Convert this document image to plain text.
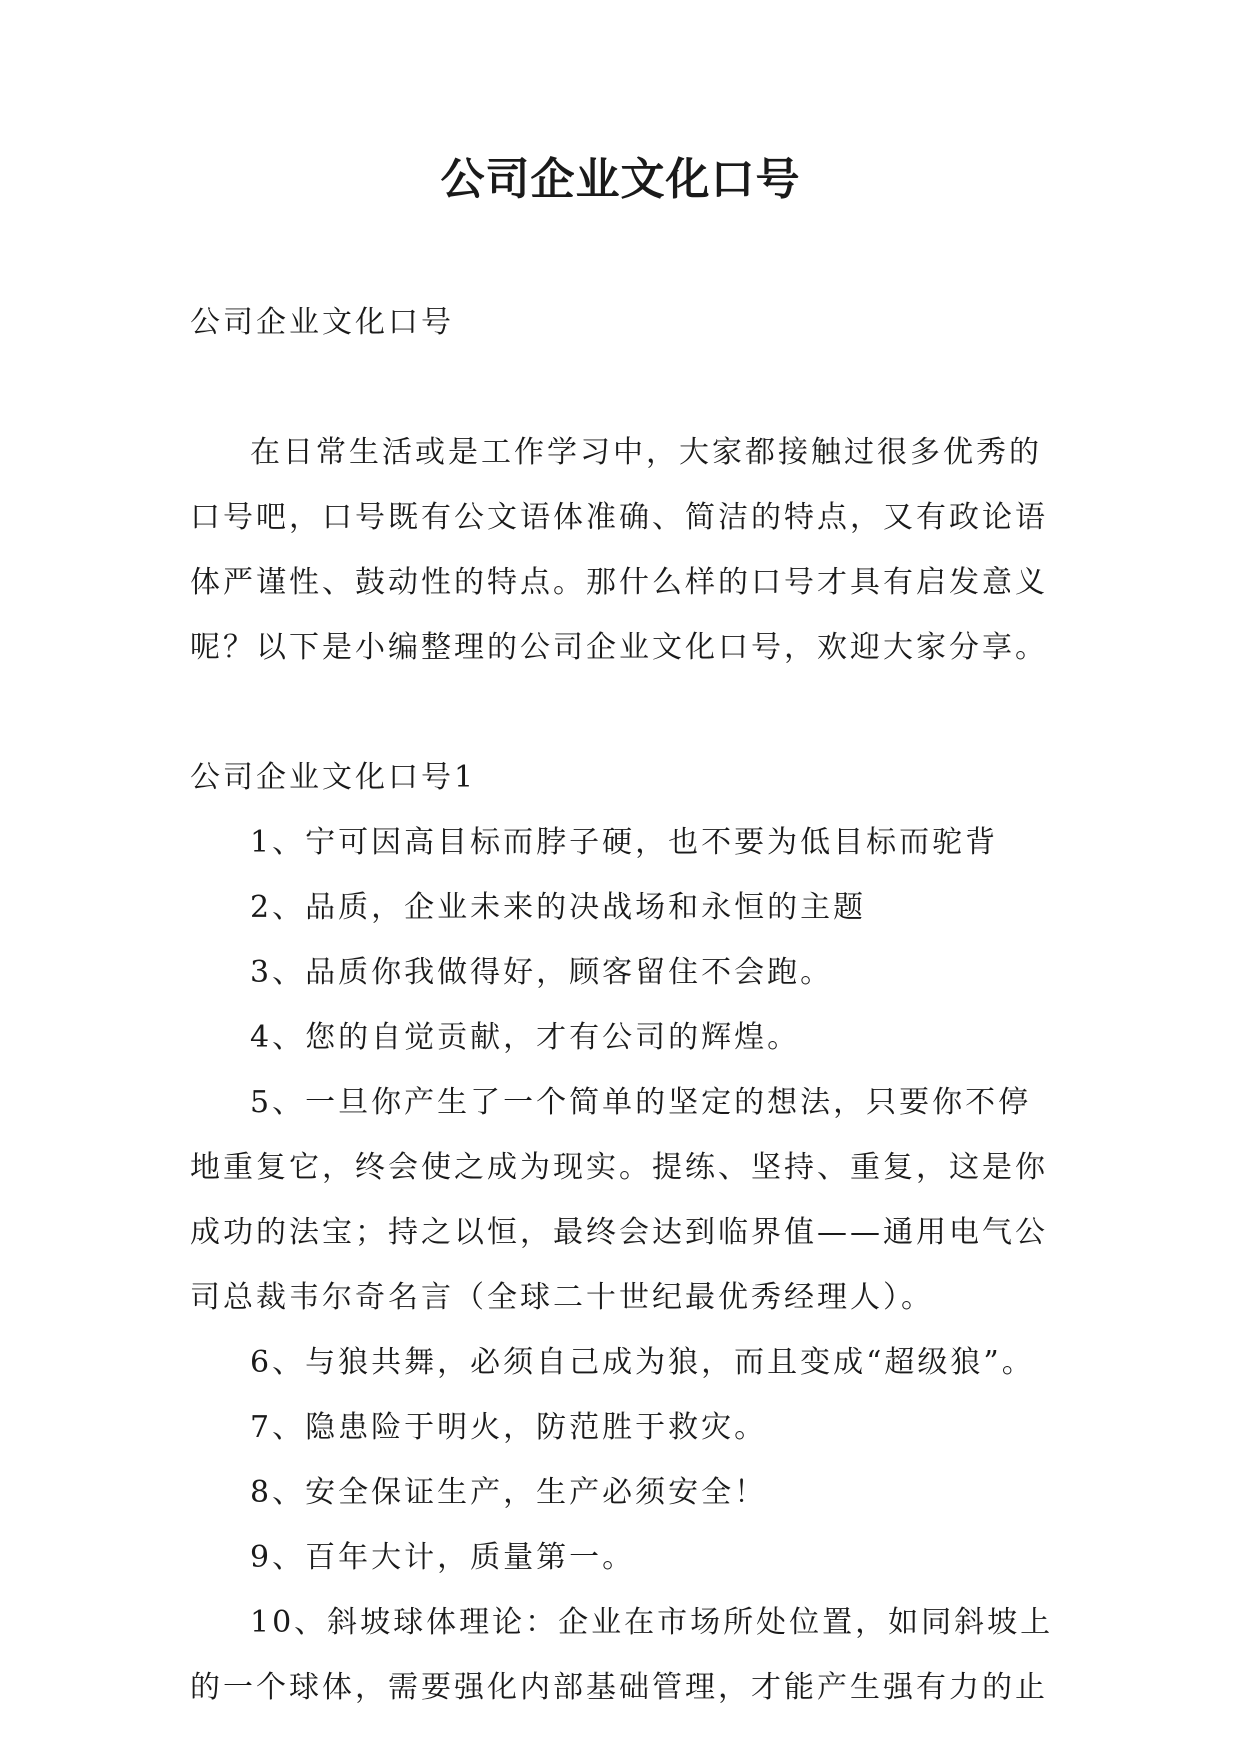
公司企业文化口号

公司企业文化口号

在日常生活或是工作学习中，大家都接触过很多优秀的口号吧，口号既有公文语体准确、简洁的特点，又有政论语体严谨性、鼓动性的特点。那什么样的口号才具有启发意义呢？以下是小编整理的公司企业文化口号，欢迎大家分享。

公司企业文化口号1

1、宁可因高目标而脖子硬，也不要为低目标而驼背

2、品质，企业未来的决战场和永恒的主题

3、品质你我做得好，顾客留住不会跑。

4、您的自觉贡献，才有公司的辉煌。

5、一旦你产生了一个简单的坚定的想法，只要你不停地重复它，终会使之成为现实。提练、坚持、重复，这是你成功的法宝；持之以恒，最终会达到临界值——通用电气公司总裁韦尔奇名言（全球二十世纪最优秀经理人）。

6、与狼共舞，必须自己成为狼，而且变成“超级狼”。

7、隐患险于明火，防范胜于救灾。

8、安全保证生产，生产必须安全！

9、百年大计，质量第一。

10、斜坡球体理论：企业在市场所处位置，如同斜坡上的一个球体，需要强化内部基础管理，才能产生强有力的止
